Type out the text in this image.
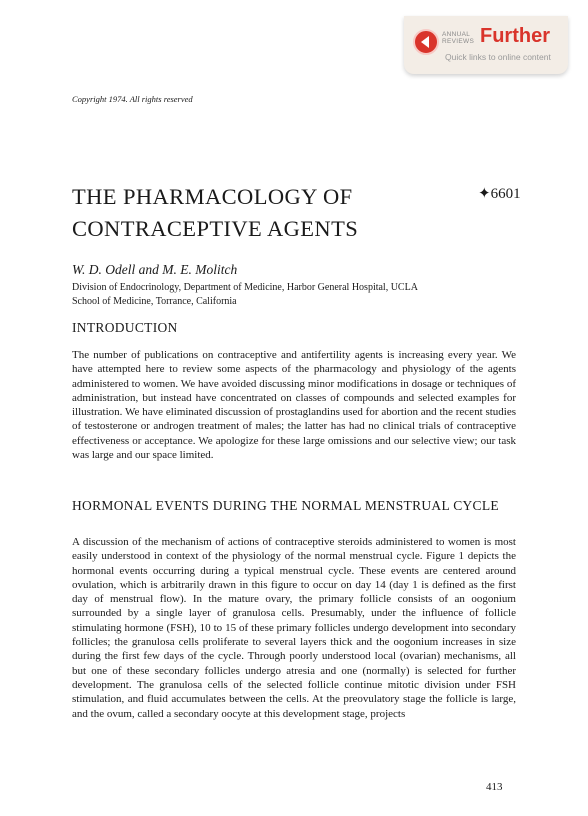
ANNUAL
REVIEWS Further
Quick links to online content
Copyright 1974. All rights reserved
THE PHARMACOLOGY OF
CONTRACEPTIVE AGENTS
✦6601
W. D. Odell and M. E. Molitch
Division of Endocrinology, Department of Medicine, Harbor General Hospital, UCLA
School of Medicine, Torrance, California
INTRODUCTION
The number of publications on contraceptive and antifertility agents is increasing every year. We have attempted here to review some aspects of the pharmacology and physiology of the agents administered to women. We have avoided discussing minor modifications in dosage or techniques of administration, but instead have concentrated on classes of compounds and selected examples for illustration. We have eliminated discussion of prostaglandins used for abortion and the recent studies of testosterone or androgen treatment of males; the latter has had no clinical trials of contraceptive effectiveness or acceptance. We apologize for these large omissions and our selective view; our task was large and our space limited.
HORMONAL EVENTS DURING THE NORMAL MENSTRUAL CYCLE
A discussion of the mechanism of actions of contraceptive steroids administered to women is most easily understood in context of the physiology of the normal menstrual cycle. Figure 1 depicts the hormonal events occurring during a typical menstrual cycle. These events are centered around ovulation, which is arbitrarily drawn in this figure to occur on day 14 (day 1 is defined as the first day of menstrual flow). In the mature ovary, the primary follicle consists of an oogonium surrounded by a single layer of granulosa cells. Presumably, under the influence of follicle stimulating hormone (FSH), 10 to 15 of these primary follicles undergo development into secondary follicles; the granulosa cells proliferate to several layers thick and the oogonium increases in size during the first few days of the cycle. Through poorly understood local (ovarian) mechanisms, all but one of these secondary follicles undergo atresia and one (normally) is selected for further development. The granulosa cells of the selected follicle continue mitotic division under FSH stimulation, and fluid accumulates between the cells. At the preovulatory stage the follicle is large, and the ovum, called a secondary oocyte at this development stage, projects
413
